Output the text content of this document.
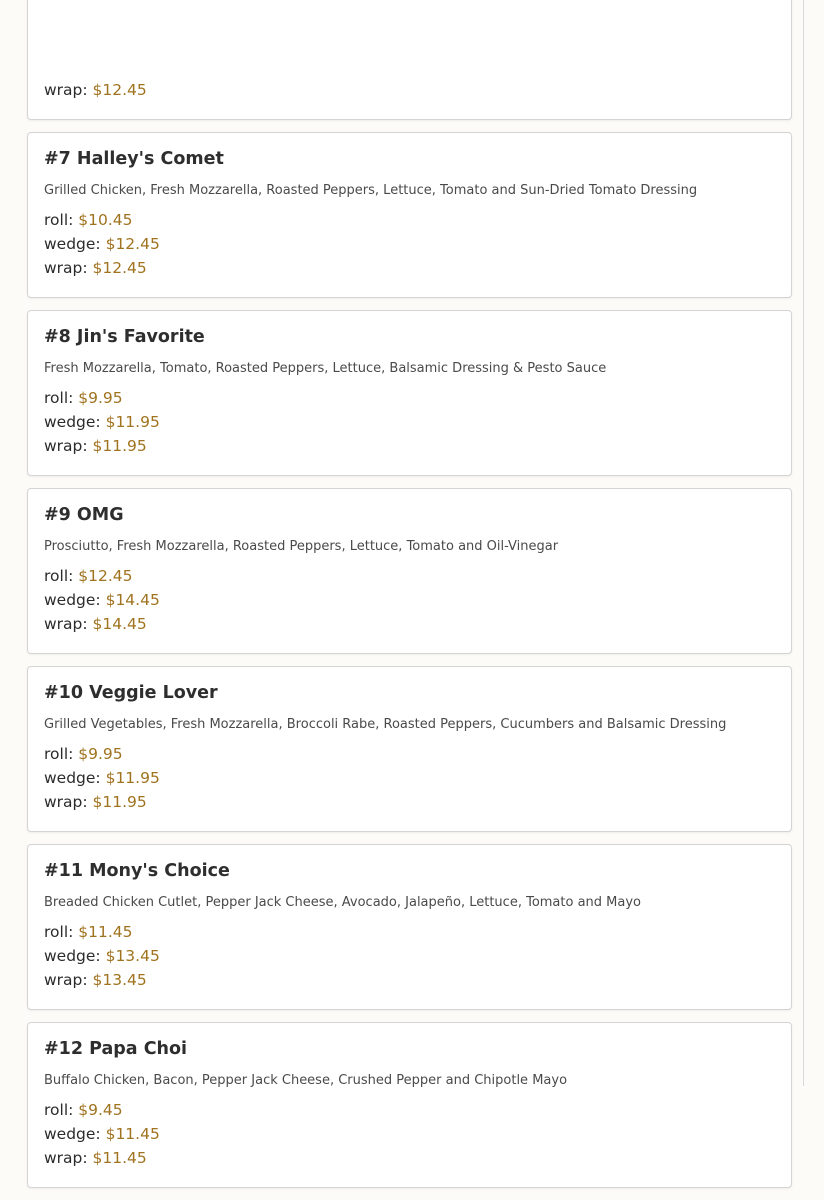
wrap: $12.45
#7 Halley's Comet
Grilled Chicken, Fresh Mozzarella, Roasted Peppers, Lettuce, Tomato and Sun-Dried Tomato Dressing
roll: $10.45
wedge: $12.45
wrap: $12.45
#8 Jin's Favorite
Fresh Mozzarella, Tomato, Roasted Peppers, Lettuce, Balsamic Dressing & Pesto Sauce
roll: $9.95
wedge: $11.95
wrap: $11.95
#9 OMG
Prosciutto, Fresh Mozzarella, Roasted Peppers, Lettuce, Tomato and Oil-Vinegar
roll: $12.45
wedge: $14.45
wrap: $14.45
#10 Veggie Lover
Grilled Vegetables, Fresh Mozzarella, Broccoli Rabe, Roasted Peppers, Cucumbers and Balsamic Dressing
roll: $9.95
wedge: $11.95
wrap: $11.95
#11 Mony's Choice
Breaded Chicken Cutlet, Pepper Jack Cheese, Avocado, Jalapeño, Lettuce, Tomato and Mayo
roll: $11.45
wedge: $13.45
wrap: $13.45
#12 Papa Choi
Buffalo Chicken, Bacon, Pepper Jack Cheese, Crushed Pepper and Chipotle Mayo
roll: $9.45
wedge: $11.45
wrap: $11.45
